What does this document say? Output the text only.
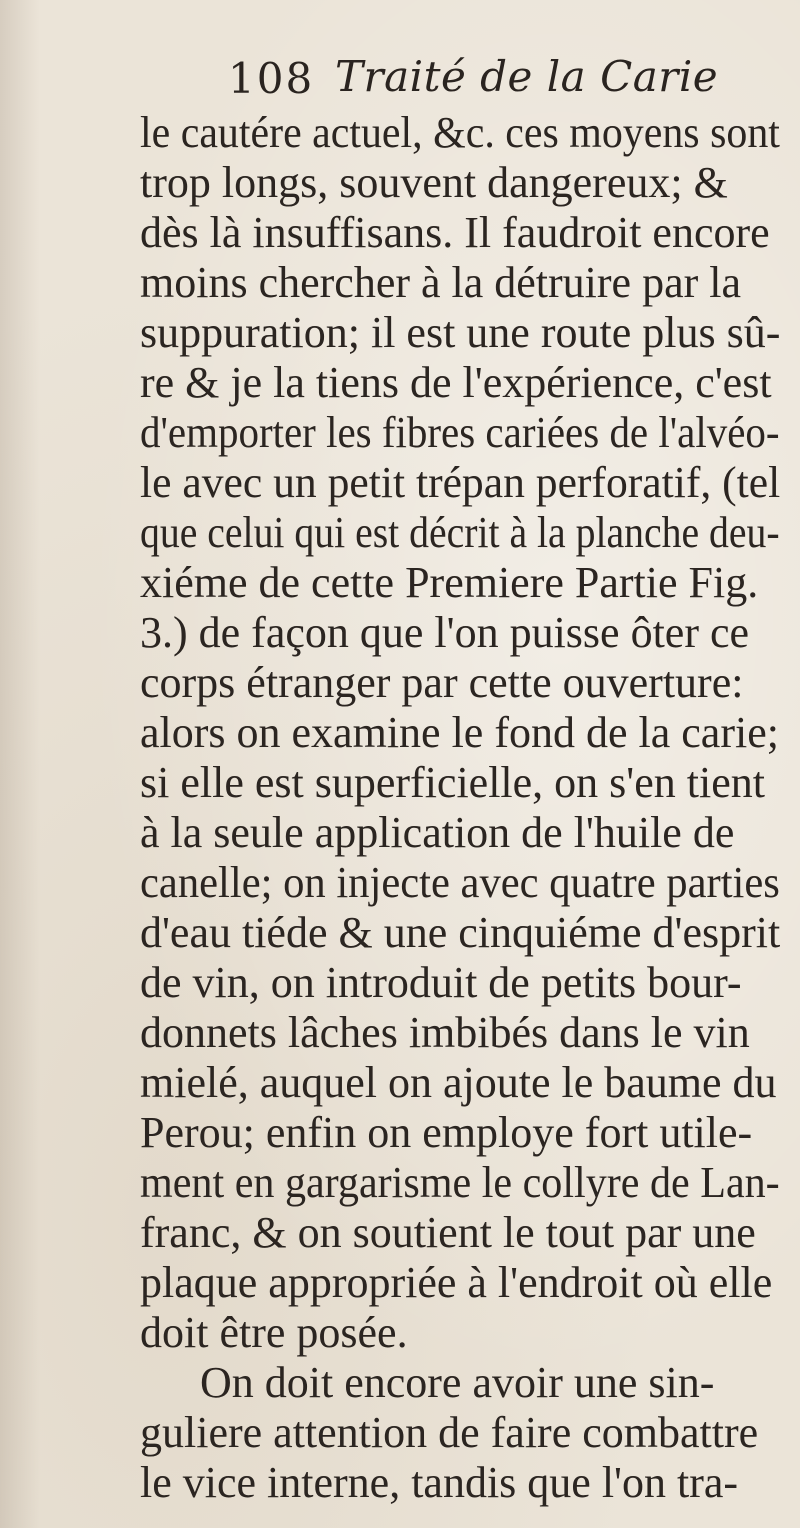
108 Traité de la Carie
le cautére actuel, &c. ces moyens sont
trop longs, souvent dangereux; &
dès là insuffisans. Il faudroit encore
moins chercher à la détruire par la
suppuration; il est une route plus sû-
re & je la tiens de l'expérience, c'est
d'emporter les fibres cariées de l'alvéo-
le avec un petit trépan perforatif, (tel
que celui qui est décrit à la planche deu-
xiéme de cette Premiere Partie Fig.
3.) de façon que l'on puisse ôter ce
corps étranger par cette ouverture:
alors on examine le fond de la carie;
si elle est superficielle, on s'en tient
à la seule application de l'huile de
canelle; on injecte avec quatre parties
d'eau tiéde & une cinquiéme d'esprit
de vin, on introduit de petits bour-
donnets lâches imbibés dans le vin
mielé, auquel on ajoute le baume du
Perou; enfin on employe fort utile-
ment en gargarisme le collyre de Lan-
franc, & on soutient le tout par une
plaque appropriée à l'endroit où elle
doit être posée.
On doit encore avoir une sin-
guliere attention de faire combattre
le vice interne, tandis que l'on tra-
